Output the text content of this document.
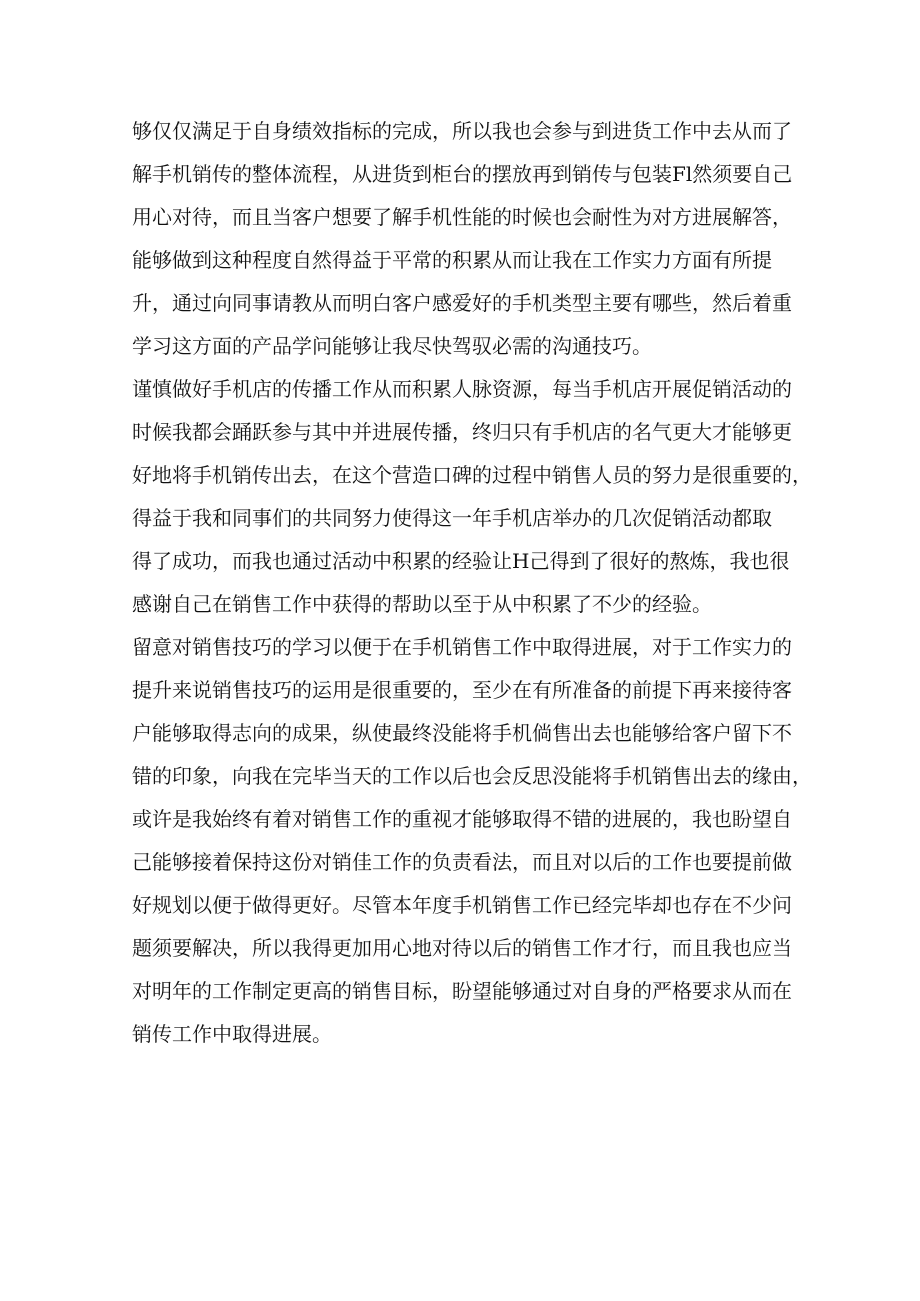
够仅仅满足于自身绩效指标的完成，所以我也会参与到进货工作中去从而了
解手机销传的整体流程，从进货到柜台的摆放再到销传与包装Fl然须要自己
用心对待，而且当客户想要了解手机性能的时候也会耐性为对方进展解答，
能够做到这种程度自然得益于平常的积累从而让我在工作实力方面有所提
升，通过向同事请教从而明白客户感爱好的手机类型主要有哪些，然后着重
学习这方面的产品学问能够让我尽快驾驭必需的沟通技巧。
谨慎做好手机店的传播工作从而积累人脉资源，每当手机店开展促销活动的
时候我都会踊跃参与其中并进展传播，终归只有手机店的名气更大才能够更
好地将手机销传出去，在这个营造口碑的过程中销售人员的努力是很重要的，
得益于我和同事们的共同努力使得这一年手机店举办的几次促销活动都取
得了成功，而我也通过活动中积累的经验让H己得到了很好的熬炼，我也很
感谢自己在销售工作中获得的帮助以至于从中积累了不少的经验。
留意对销售技巧的学习以便于在手机销售工作中取得进展，对于工作实力的
提升来说销售技巧的运用是很重要的，至少在有所准备的前提下再来接待客
户能够取得志向的成果，纵使最终没能将手机倘售出去也能够给客户留下不
错的印象，向我在完毕当天的工作以后也会反思没能将手机销售出去的缘由，
或许是我始终有着对销售工作的重视才能够取得不错的进展的，我也盼望自
己能够接着保持这份对销佳工作的负责看法，而且对以后的工作也要提前做
好规划以便于做得更好。尽管本年度手机销售工作已经完毕却也存在不少问
题须要解决，所以我得更加用心地对待以后的销售工作才行，而且我也应当
对明年的工作制定更高的销售目标，盼望能够通过对自身的严格要求从而在
销传工作中取得进展。
